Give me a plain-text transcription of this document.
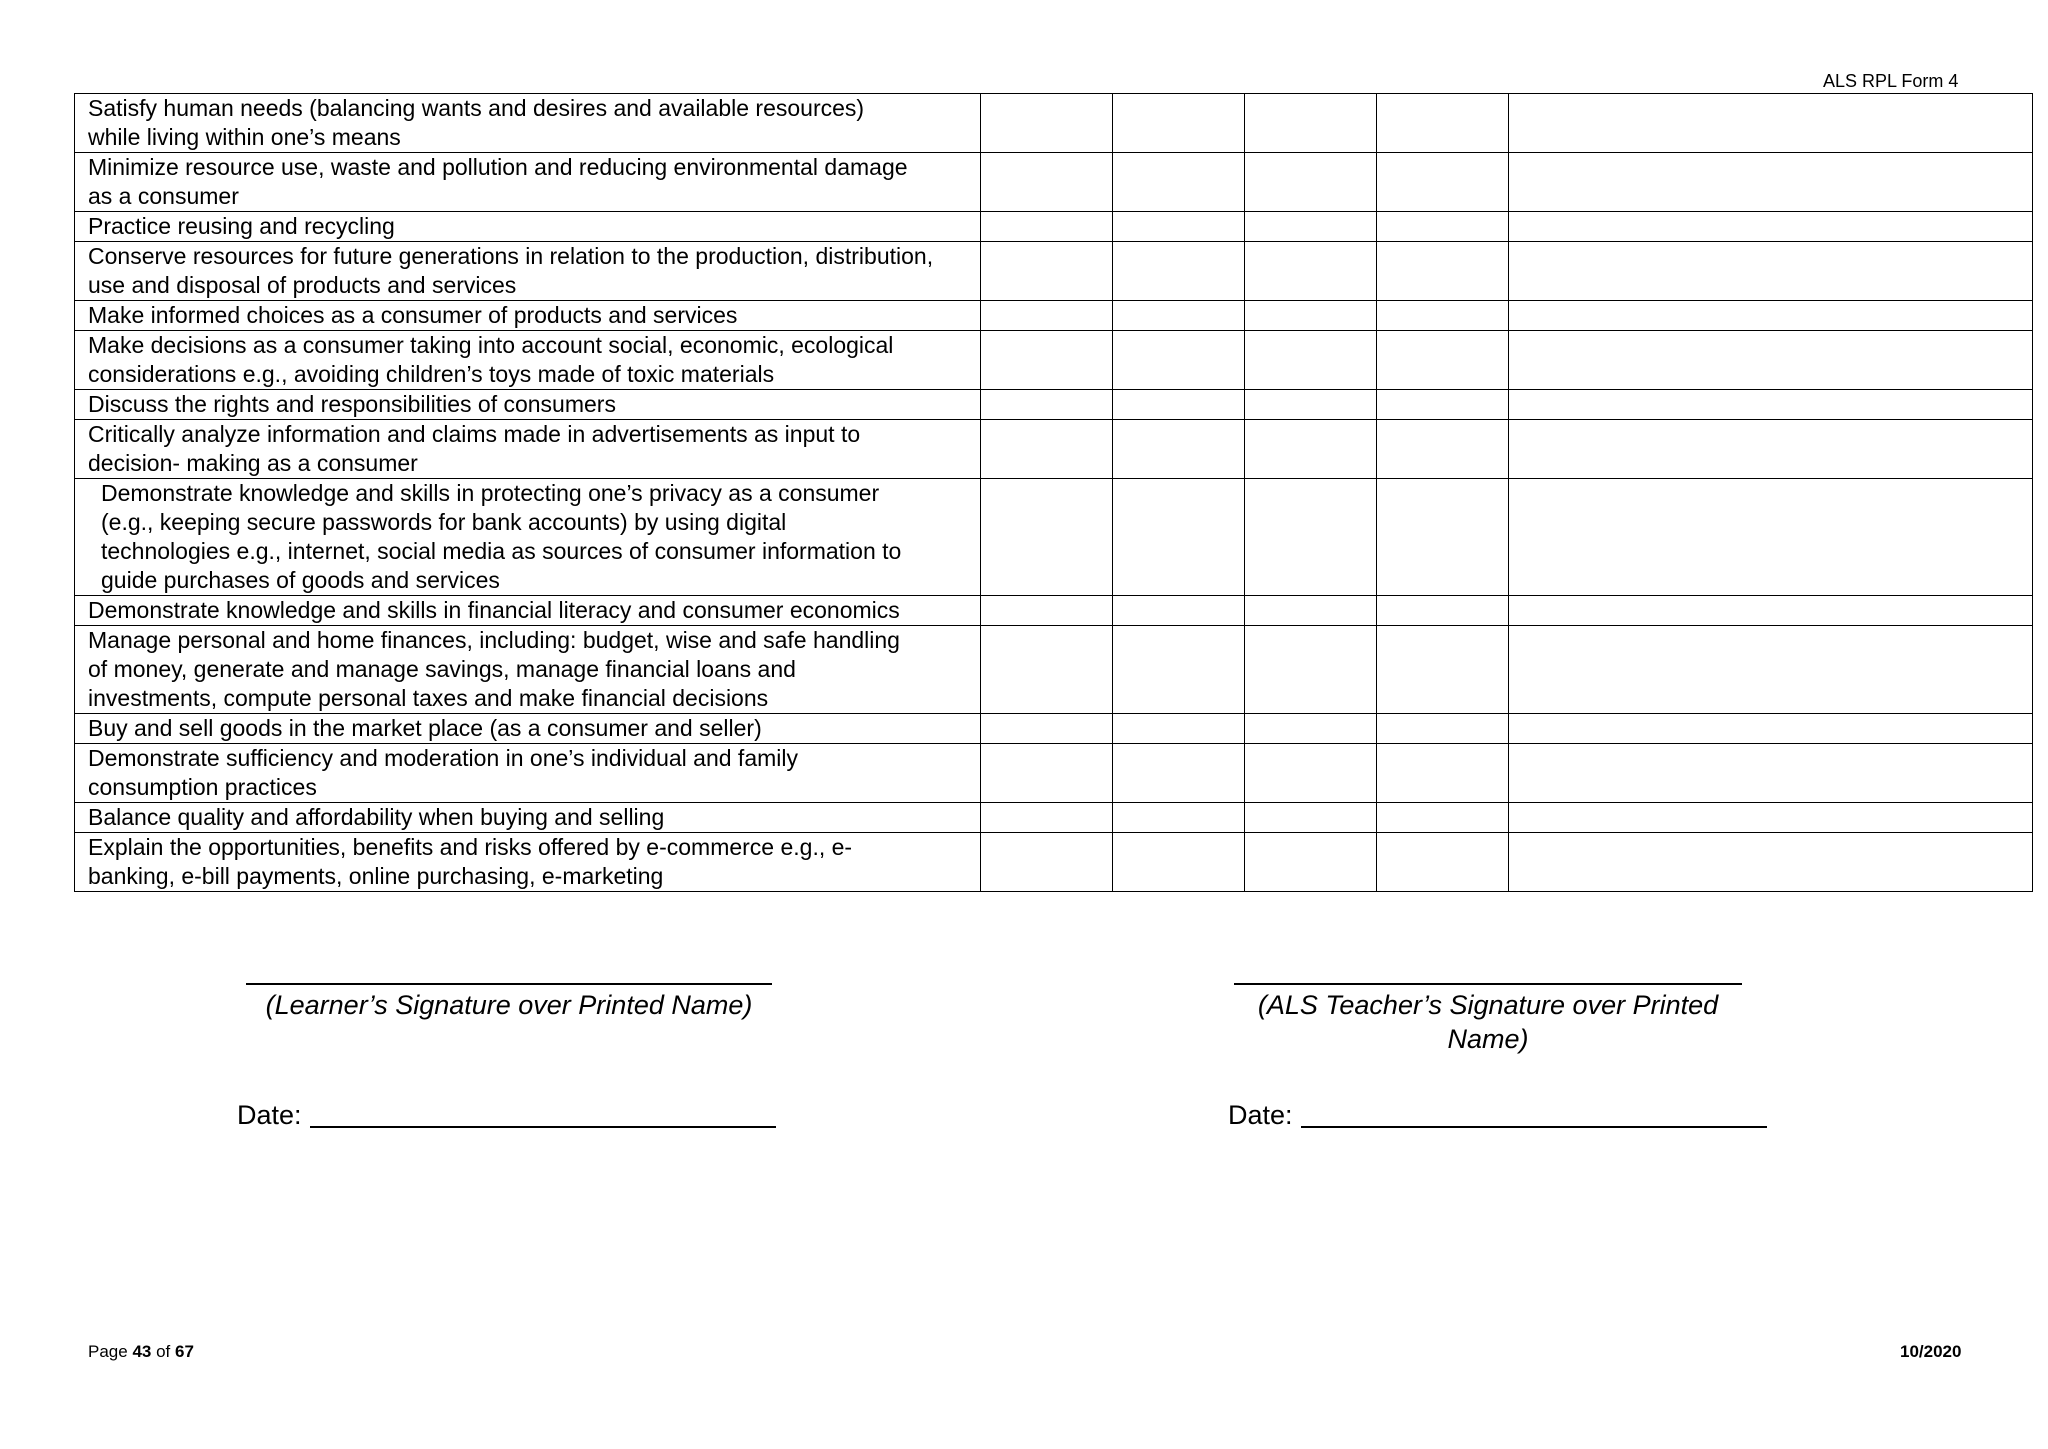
ALS RPL Form 4
Satisfy human needs (balancing wants and desires and available resources)
while living within one’s means					

Minimize resource use, waste and pollution and reducing environmental damage
as a consumer					

Practice reusing and recycling					

Conserve resources for future generations in relation to the production, distribution,
use and disposal of products and services					

Make informed choices as a consumer of products and services					

Make decisions as a consumer taking into account social, economic, ecological
considerations e.g., avoiding children’s toys made of toxic materials					

Discuss the rights and responsibilities of consumers					

Critically analyze information and claims made in advertisements as input to
decision- making as a consumer					

Demonstrate knowledge and skills in protecting one’s privacy as a consumer
(e.g., keeping secure passwords for bank accounts) by using digital
technologies e.g., internet, social media as sources of consumer information to
guide purchases of goods and services					

Demonstrate knowledge and skills in financial literacy and consumer economics					

Manage personal and home finances, including: budget, wise and safe handling
of money, generate and manage savings, manage financial loans and
investments, compute personal taxes and make financial decisions					

Buy and sell goods in the market place (as a consumer and seller)					

Demonstrate sufficiency and moderation in one’s individual and family
consumption practices					

Balance quality and affordability when buying and selling					

Explain the opportunities, benefits and risks offered by e-commerce e.g., e-
banking, e-bill payments, online purchasing, e-marketing					

(Learner’s Signature over Printed Name)	(ALS Teacher’s Signature over Printed Name)
Date:	Date:
Page 43 of 67	10/2020
